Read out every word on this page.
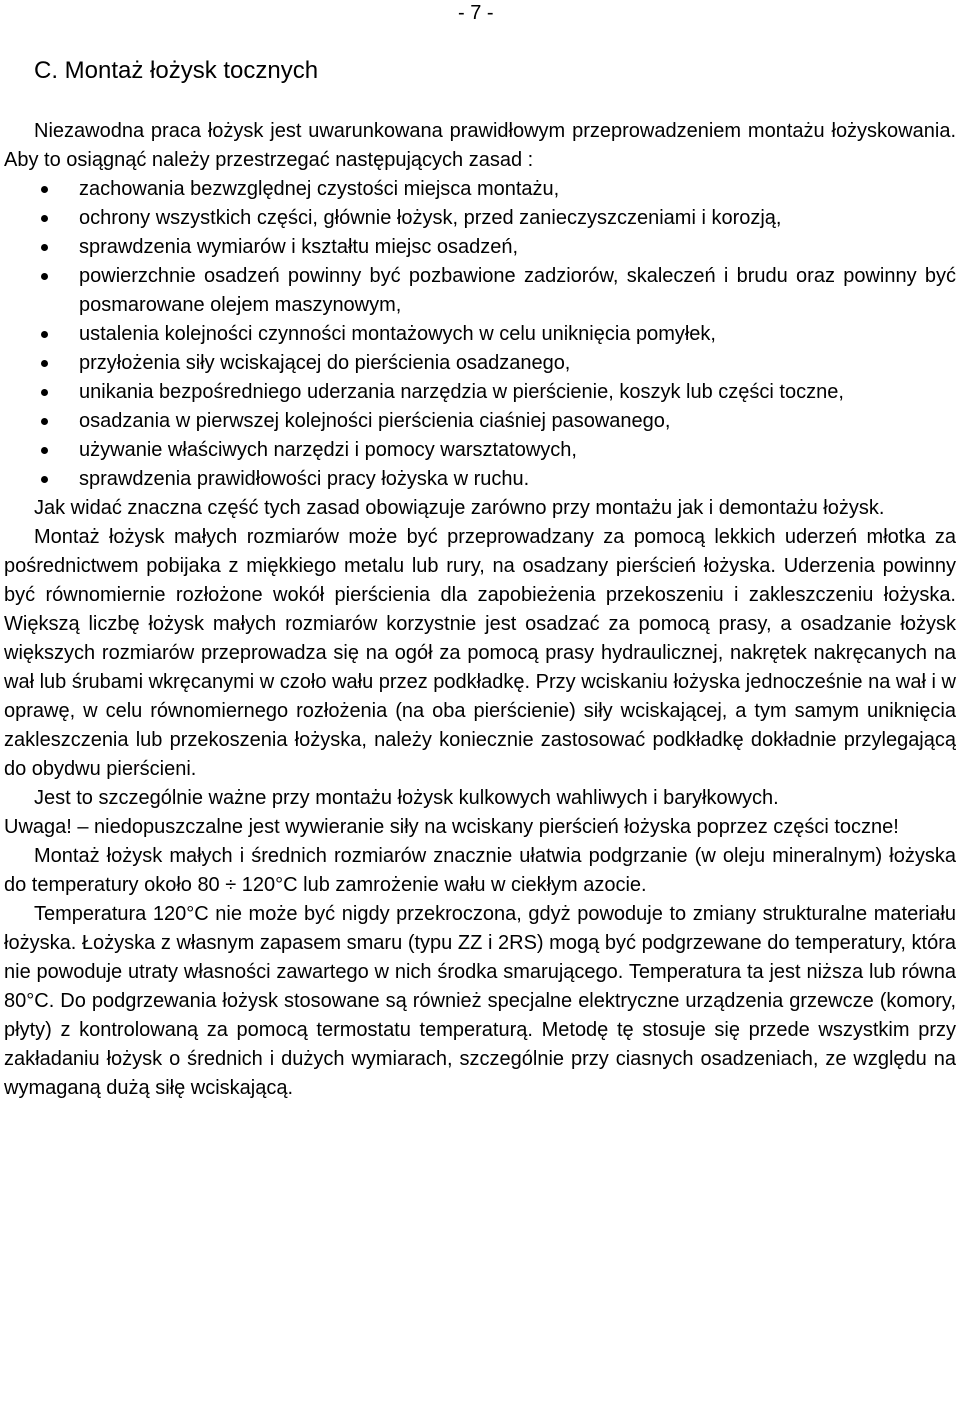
- 7 -
C. Montaż łożysk tocznych

Niezawodna praca łożysk jest uwarunkowana prawidłowym przeprowadzeniem montażu łożyskowania. Aby to osiągnąć należy przestrzegać następujących zasad :

zachowania bezwzględnej czystości miejsca montażu,
ochrony wszystkich części, głównie łożysk, przed zanieczyszczeniami i korozją,
sprawdzenia wymiarów i kształtu miejsc osadzeń,
powierzchnie osadzeń powinny być pozbawione zadziorów, skaleczeń i brudu oraz powinny być posmarowane olejem maszynowym,
ustalenia kolejności czynności montażowych w celu uniknięcia pomyłek,
przyłożenia siły wciskającej do pierścienia osadzanego,
unikania bezpośredniego uderzania narzędzia w pierścienie, koszyk lub części toczne,
osadzania w pierwszej kolejności pierścienia ciaśniej pasowanego,
używanie właściwych narzędzi i pomocy warsztatowych,
sprawdzenia prawidłowości pracy łożyska w ruchu.

Jak widać znaczna część tych zasad obowiązuje zarówno przy montażu jak i demontażu łożysk.

Montaż łożysk małych rozmiarów może być przeprowadzany za pomocą lekkich uderzeń młotka za pośrednictwem pobijaka z miękkiego metalu lub rury, na osadzany pierścień łożyska. Uderzenia powinny być równomiernie rozłożone wokół pierścienia dla zapobieżenia przekoszeniu i zakleszczeniu łożyska. Większą liczbę łożysk małych rozmiarów korzystnie jest osadzać za pomocą prasy, a osadzanie łożysk większych rozmiarów przeprowadza się na ogół za pomocą prasy hydraulicznej, nakrętek nakręcanych na wał lub śrubami wkręcanymi w czoło wału przez podkładkę. Przy wciskaniu łożyska jednocześnie na wał i w oprawę, w celu równomiernego rozłożenia (na oba pierścienie) siły wciskającej, a tym samym uniknięcia zakleszczenia lub przekoszenia łożyska, należy koniecznie zastosować podkładkę dokładnie przylegającą do obydwu pierścieni.

Jest to szczególnie ważne przy montażu łożysk kulkowych wahliwych i baryłkowych.

Uwaga! – niedopuszczalne jest wywieranie siły na wciskany pierścień łożyska poprzez części toczne!

Montaż łożysk małych i średnich rozmiarów znacznie ułatwia podgrzanie (w oleju mineralnym) łożyska do temperatury około 80 ÷ 120°C lub zamrożenie wału w ciekłym azocie.

Temperatura 120°C nie może być nigdy przekroczona, gdyż powoduje to zmiany strukturalne materiału łożyska. Łożyska z własnym zapasem smaru (typu ZZ i 2RS) mogą być podgrzewane do temperatury, która nie powoduje utraty własności zawartego w nich środka smarującego. Temperatura ta jest niższa lub równa 80°C. Do podgrzewania łożysk stosowane są również specjalne elektryczne urządzenia grzewcze (komory, płyty) z kontrolowaną za pomocą termostatu temperaturą. Metodę tę stosuje się przede wszystkim przy zakładaniu łożysk o średnich i dużych wymiarach, szczególnie przy ciasnych osadzeniach, ze względu na wymaganą dużą siłę wciskającą.
